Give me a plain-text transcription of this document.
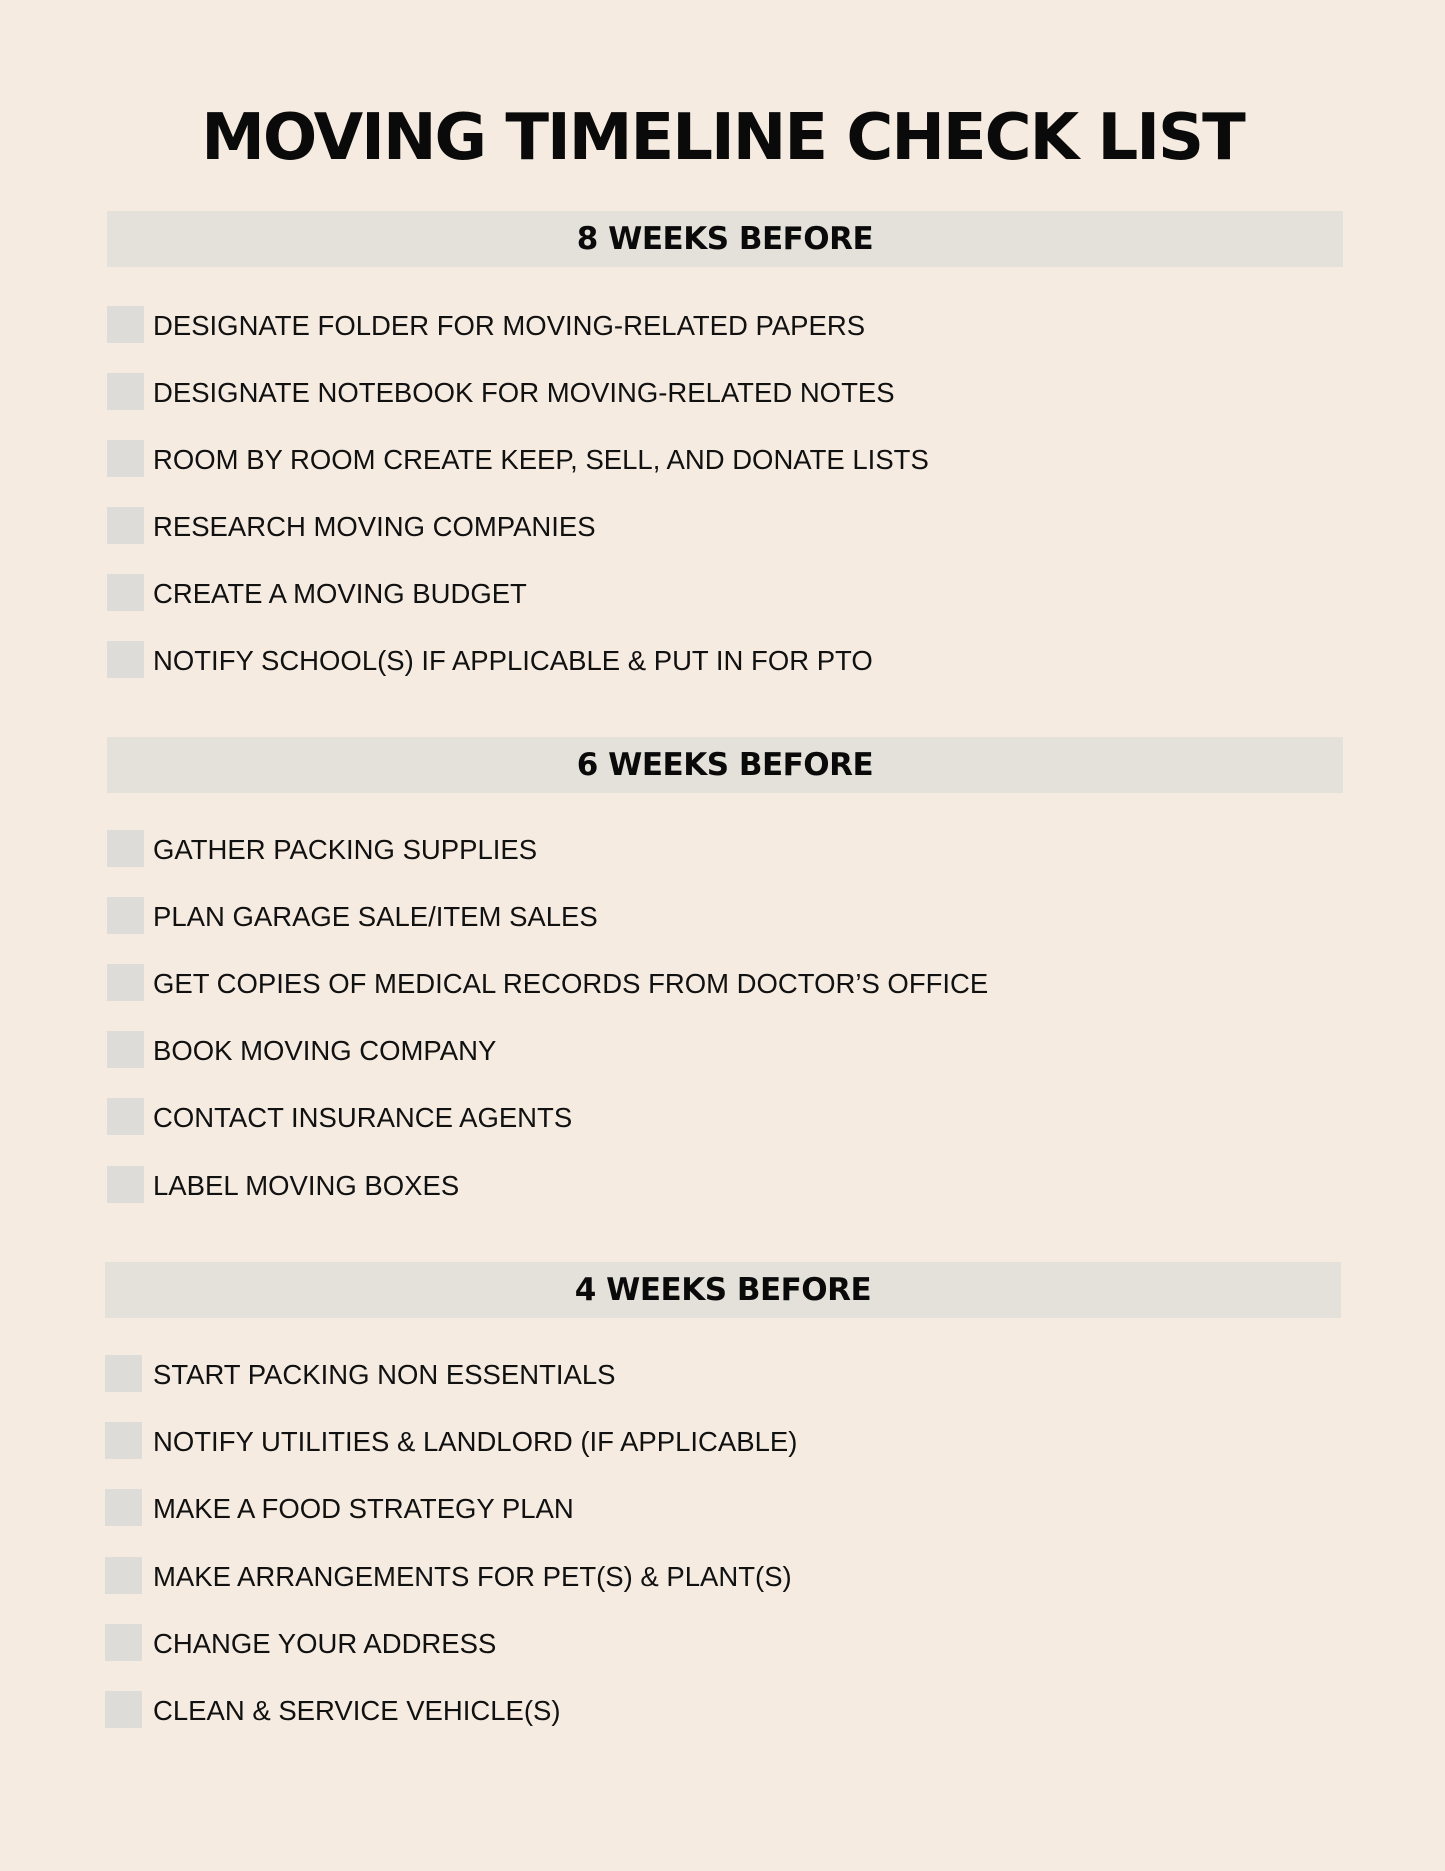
MOVING TIMELINE CHECK LIST
8 WEEKS BEFORE
DESIGNATE FOLDER FOR MOVING-RELATED PAPERS
DESIGNATE NOTEBOOK FOR MOVING-RELATED NOTES
ROOM BY ROOM CREATE KEEP, SELL, AND DONATE LISTS
RESEARCH MOVING COMPANIES
CREATE A MOVING BUDGET
NOTIFY SCHOOL(S) IF APPLICABLE & PUT IN FOR PTO
6 WEEKS BEFORE
GATHER PACKING SUPPLIES
PLAN GARAGE SALE/ITEM SALES
GET COPIES OF MEDICAL RECORDS FROM DOCTOR’S OFFICE
BOOK MOVING COMPANY
CONTACT INSURANCE AGENTS
LABEL MOVING BOXES
4 WEEKS BEFORE
START PACKING NON ESSENTIALS
NOTIFY UTILITIES & LANDLORD (IF APPLICABLE)
MAKE A FOOD STRATEGY PLAN
MAKE ARRANGEMENTS FOR PET(S) & PLANT(S)
CHANGE YOUR ADDRESS
CLEAN & SERVICE VEHICLE(S)
